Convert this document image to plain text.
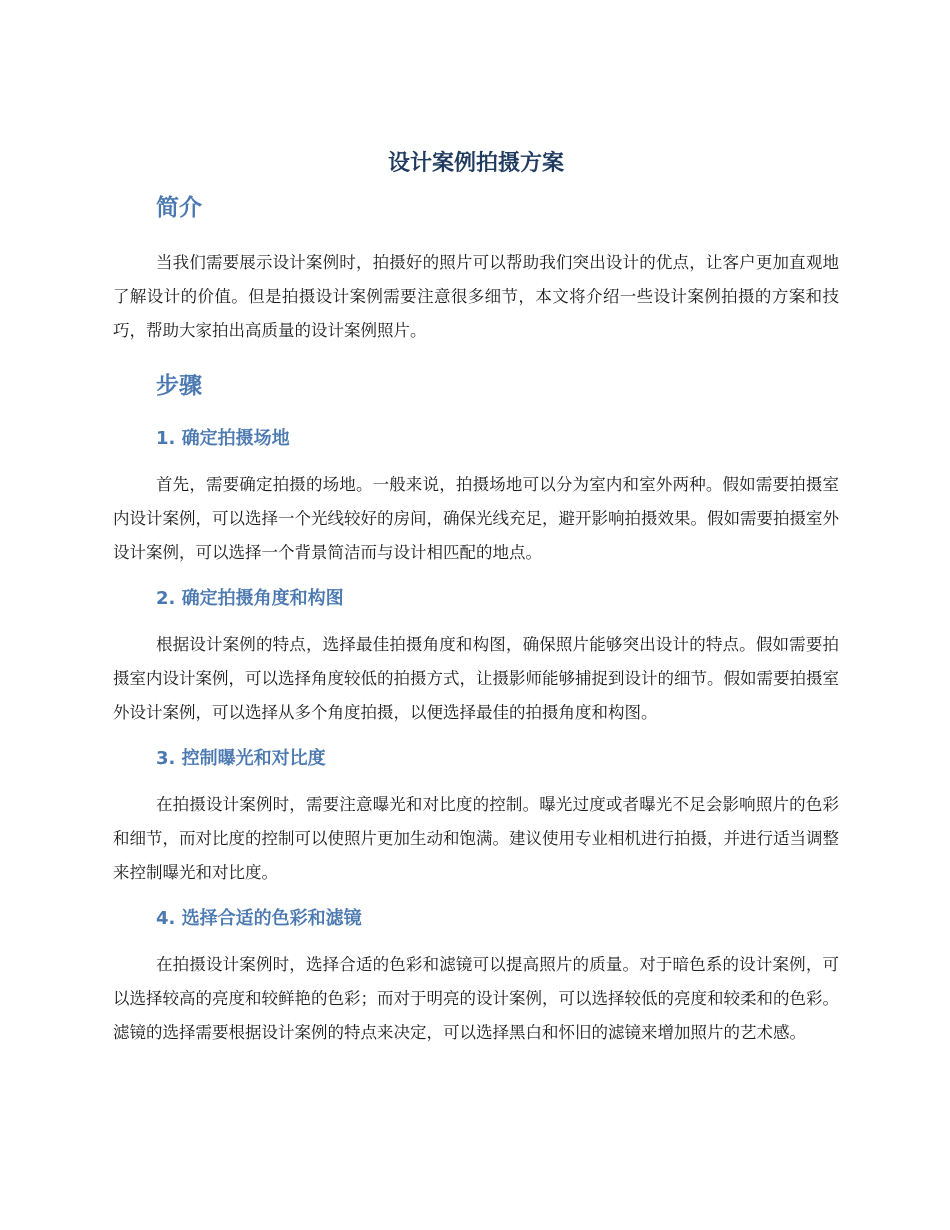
设计案例拍摄方案
简介

当我们需要展示设计案例时，拍摄好的照片可以帮助我们突出设计的优点，让客户更加直观地了解设计的价值。但是拍摄设计案例需要注意很多细节，本文将介绍一些设计案例拍摄的方案和技巧，帮助大家拍出高质量的设计案例照片。

步骤
1. 确定拍摄场地

首先，需要确定拍摄的场地。一般来说，拍摄场地可以分为室内和室外两种。假如需要拍摄室内设计案例，可以选择一个光线较好的房间，确保光线充足，避开影响拍摄效果。假如需要拍摄室外设计案例，可以选择一个背景简洁而与设计相匹配的地点。

2. 确定拍摄角度和构图

根据设计案例的特点，选择最佳拍摄角度和构图，确保照片能够突出设计的特点。假如需要拍摄室内设计案例，可以选择角度较低的拍摄方式，让摄影师能够捕捉到设计的细节。假如需要拍摄室外设计案例，可以选择从多个角度拍摄，以便选择最佳的拍摄角度和构图。

3. 控制曝光和对比度

在拍摄设计案例时，需要注意曝光和对比度的控制。曝光过度或者曝光不足会影响照片的色彩和细节，而对比度的控制可以使照片更加生动和饱满。建议使用专业相机进行拍摄，并进行适当调整来控制曝光和对比度。

4. 选择合适的色彩和滤镜

在拍摄设计案例时，选择合适的色彩和滤镜可以提高照片的质量。对于暗色系的设计案例，可以选择较高的亮度和较鲜艳的色彩；而对于明亮的设计案例，可以选择较低的亮度和较柔和的色彩。滤镜的选择需要根据设计案例的特点来决定，可以选择黑白和怀旧的滤镜来增加照片的艺术感。
